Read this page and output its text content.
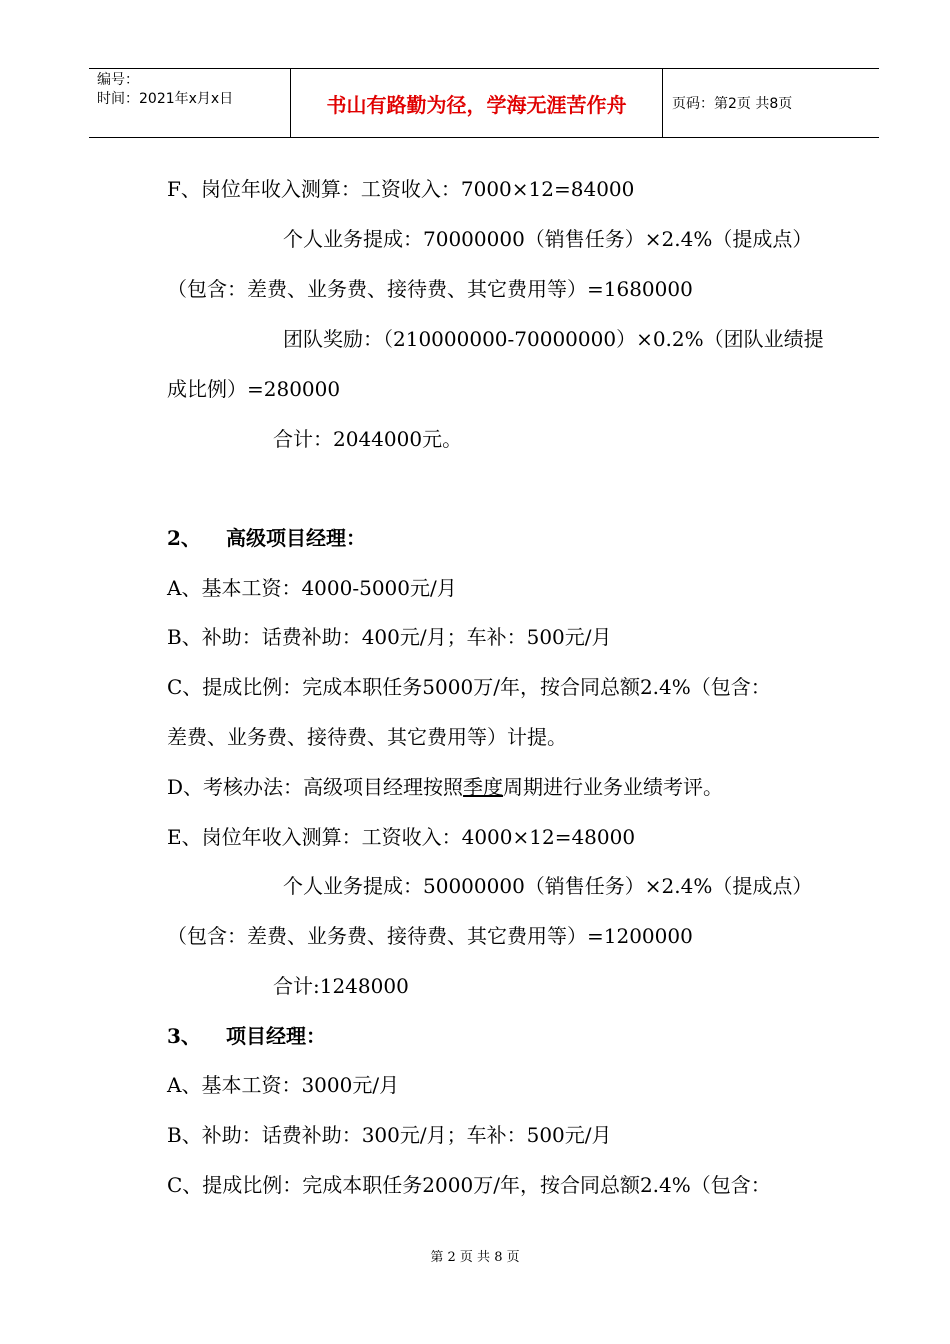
编号：
时间：2021年x月x日	书山有路勤为径，学海无涯苦作舟	页码：第2页 共8页
F、岗位年收入测算：工资收入：7000×12=84000
个人业务提成：70000000（销售任务）×2.4%（提成点）
（包含：差费、业务费、接待费、其它费用等）=1680000
团队奖励：（210000000-70000000）×0.2%（团队业绩提
成比例）=280000
合计：2044000元。
2、 高级项目经理：
A、基本工资：4000-5000元/月
B、补助：话费补助：400元/月；车补：500元/月
C、提成比例：完成本职任务5000万/年，按合同总额2.4%（包含：
差费、业务费、接待费、其它费用等）计提。
D、考核办法：高级项目经理按照季度周期进行业务业绩考评。
E、岗位年收入测算：工资收入：4000×12=48000
个人业务提成：50000000（销售任务）×2.4%（提成点）
（包含：差费、业务费、接待费、其它费用等）=1200000
合计:1248000
3、 项目经理：
A、基本工资：3000元/月
B、补助：话费补助：300元/月；车补：500元/月
C、提成比例：完成本职任务2000万/年，按合同总额2.4%（包含：
第 2 页 共 8 页
